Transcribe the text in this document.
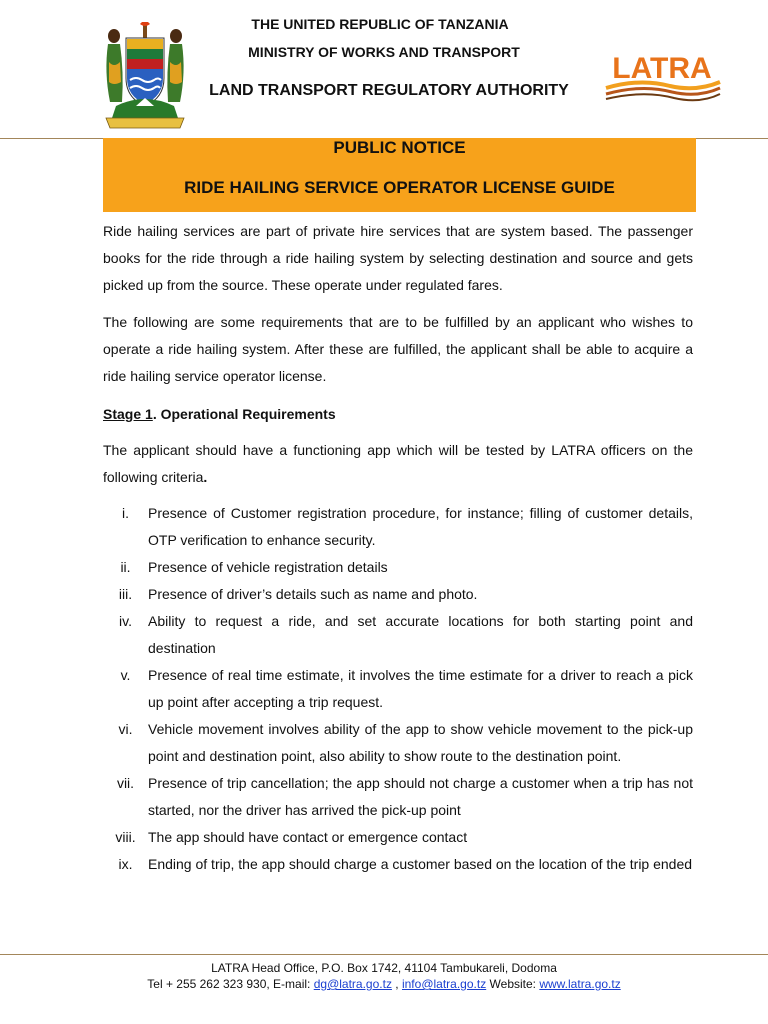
THE UNITED REPUBLIC OF TANZANIA
MINISTRY OF WORKS AND TRANSPORT
LAND TRANSPORT REGULATORY AUTHORITY
LATRA
PUBLIC NOTICE
RIDE HAILING SERVICE OPERATOR LICENSE GUIDE

Ride hailing services are part of private hire services that are system based. The passenger books for the ride through a ride hailing system by selecting destination and source and gets picked up from the source. These operate under regulated fares.

The following are some requirements that are to be fulfilled by an applicant who wishes to operate a ride hailing system. After these are fulfilled, the applicant shall be able to acquire a ride hailing service operator license.

Stage 1. Operational Requirements

The applicant should have a functioning app which will be tested by LATRA officers on the following criteria.

i.	Presence of Customer registration procedure, for instance; filling of customer details, OTP verification to enhance security.
ii.	Presence of vehicle registration details
iii.	Presence of driver’s details such as name and photo.
iv.	Ability to request a ride, and set accurate locations for both starting point and destination
v.	Presence of real time estimate, it involves the time estimate for a driver to reach a pick up point after accepting a trip request.
vi.	Vehicle movement involves ability of the app to show vehicle movement to the pick-up point and destination point, also ability to show route to the destination point.
vii. Presence of trip cancellation; the app should not charge a customer when a trip has not started, nor the driver has arrived the pick-up point
viii. The app should have contact or emergence contact
ix.	Ending of trip, the app should charge a customer based on the location of the trip ended
LATRA Head Office, P.O. Box 1742, 41104 Tambukareli, Dodoma
Tel + 255 262 323 930, E-mail: dg@latra.go.tz , info@latra.go.tz Website: www.latra.go.tz
